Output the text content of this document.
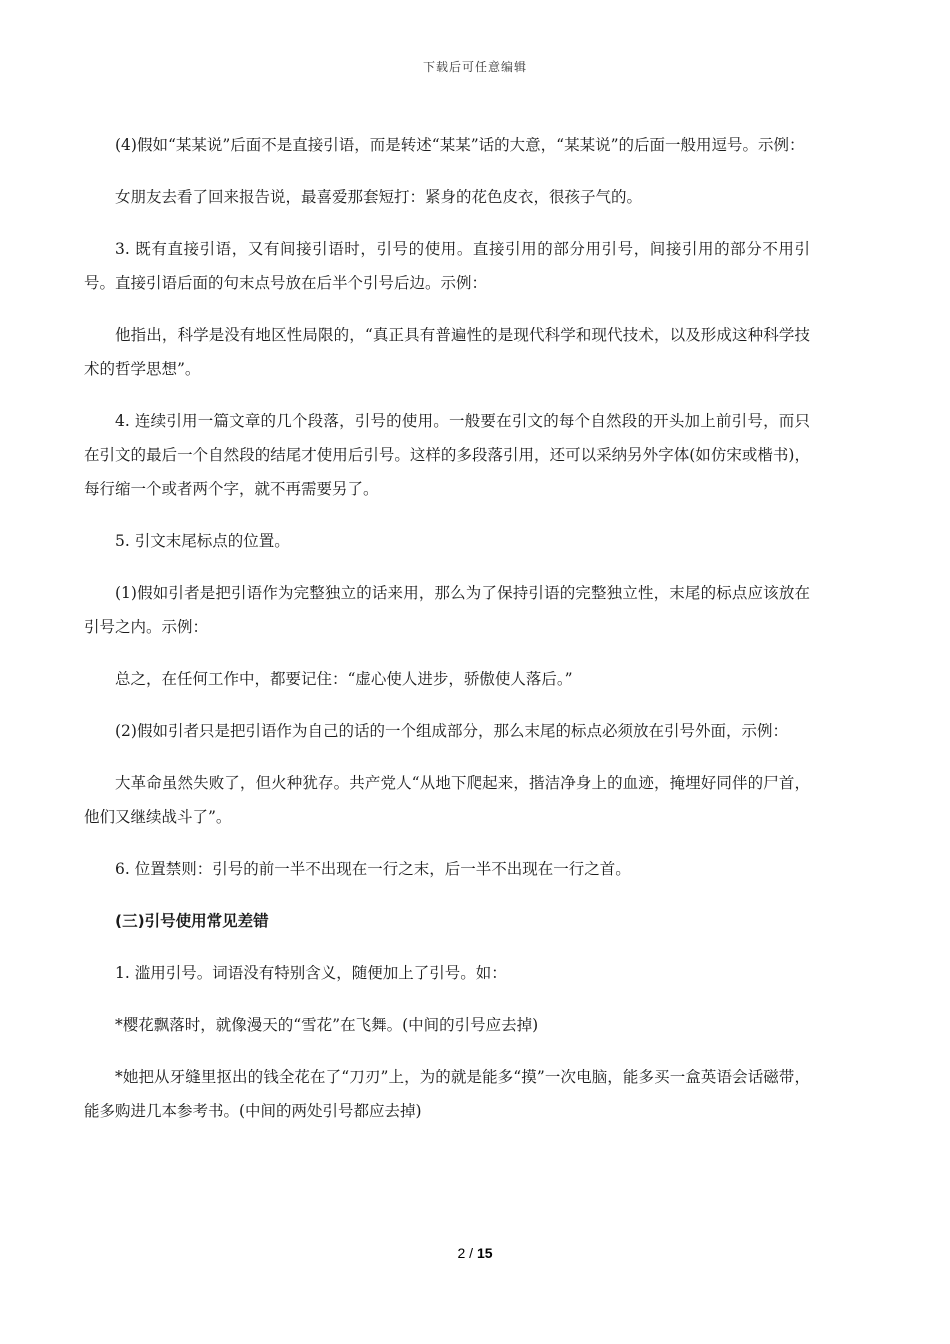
下载后可任意编辑

(4)假如“某某说”后面不是直接引语，而是转述“某某”话的大意，“某某说”的后面一般用逗号。示例：

女朋友去看了回来报告说，最喜爱那套短打：紧身的花色皮衣，很孩子气的。

3. 既有直接引语，又有间接引语时，引号的使用。直接引用的部分用引号，间接引用的部分不用引号。直接引语后面的句末点号放在后半个引号后边。示例：

他指出，科学是没有地区性局限的，“真正具有普遍性的是现代科学和现代技术，以及形成这种科学技术的哲学思想”。

4. 连续引用一篇文章的几个段落，引号的使用。一般要在引文的每个自然段的开头加上前引号，而只在引文的最后一个自然段的结尾才使用后引号。这样的多段落引用，还可以采纳另外字体(如仿宋或楷书)，每行缩一个或者两个字，就不再需要另了。

5. 引文末尾标点的位置。

(1)假如引者是把引语作为完整独立的话来用，那么为了保持引语的完整独立性，末尾的标点应该放在引号之内。示例：

总之，在任何工作中，都要记住：“虚心使人进步，骄傲使人落后。”

(2)假如引者只是把引语作为自己的话的一个组成部分，那么末尾的标点必须放在引号外面，示例：

大革命虽然失败了，但火种犹存。共产党人“从地下爬起来，揩洁净身上的血迹，掩埋好同伴的尸首，他们又继续战斗了”。

6. 位置禁则：引号的前一半不出现在一行之末，后一半不出现在一行之首。

(三)引号使用常见差错

1. 滥用引号。词语没有特别含义，随便加上了引号。如：

*樱花飘落时，就像漫天的“雪花”在飞舞。(中间的引号应去掉)

*她把从牙缝里抠出的钱全花在了“刀刃”上，为的就是能多“摸”一次电脑，能多买一盒英语会话磁带，能多购进几本参考书。(中间的两处引号都应去掉)

2 / 15
